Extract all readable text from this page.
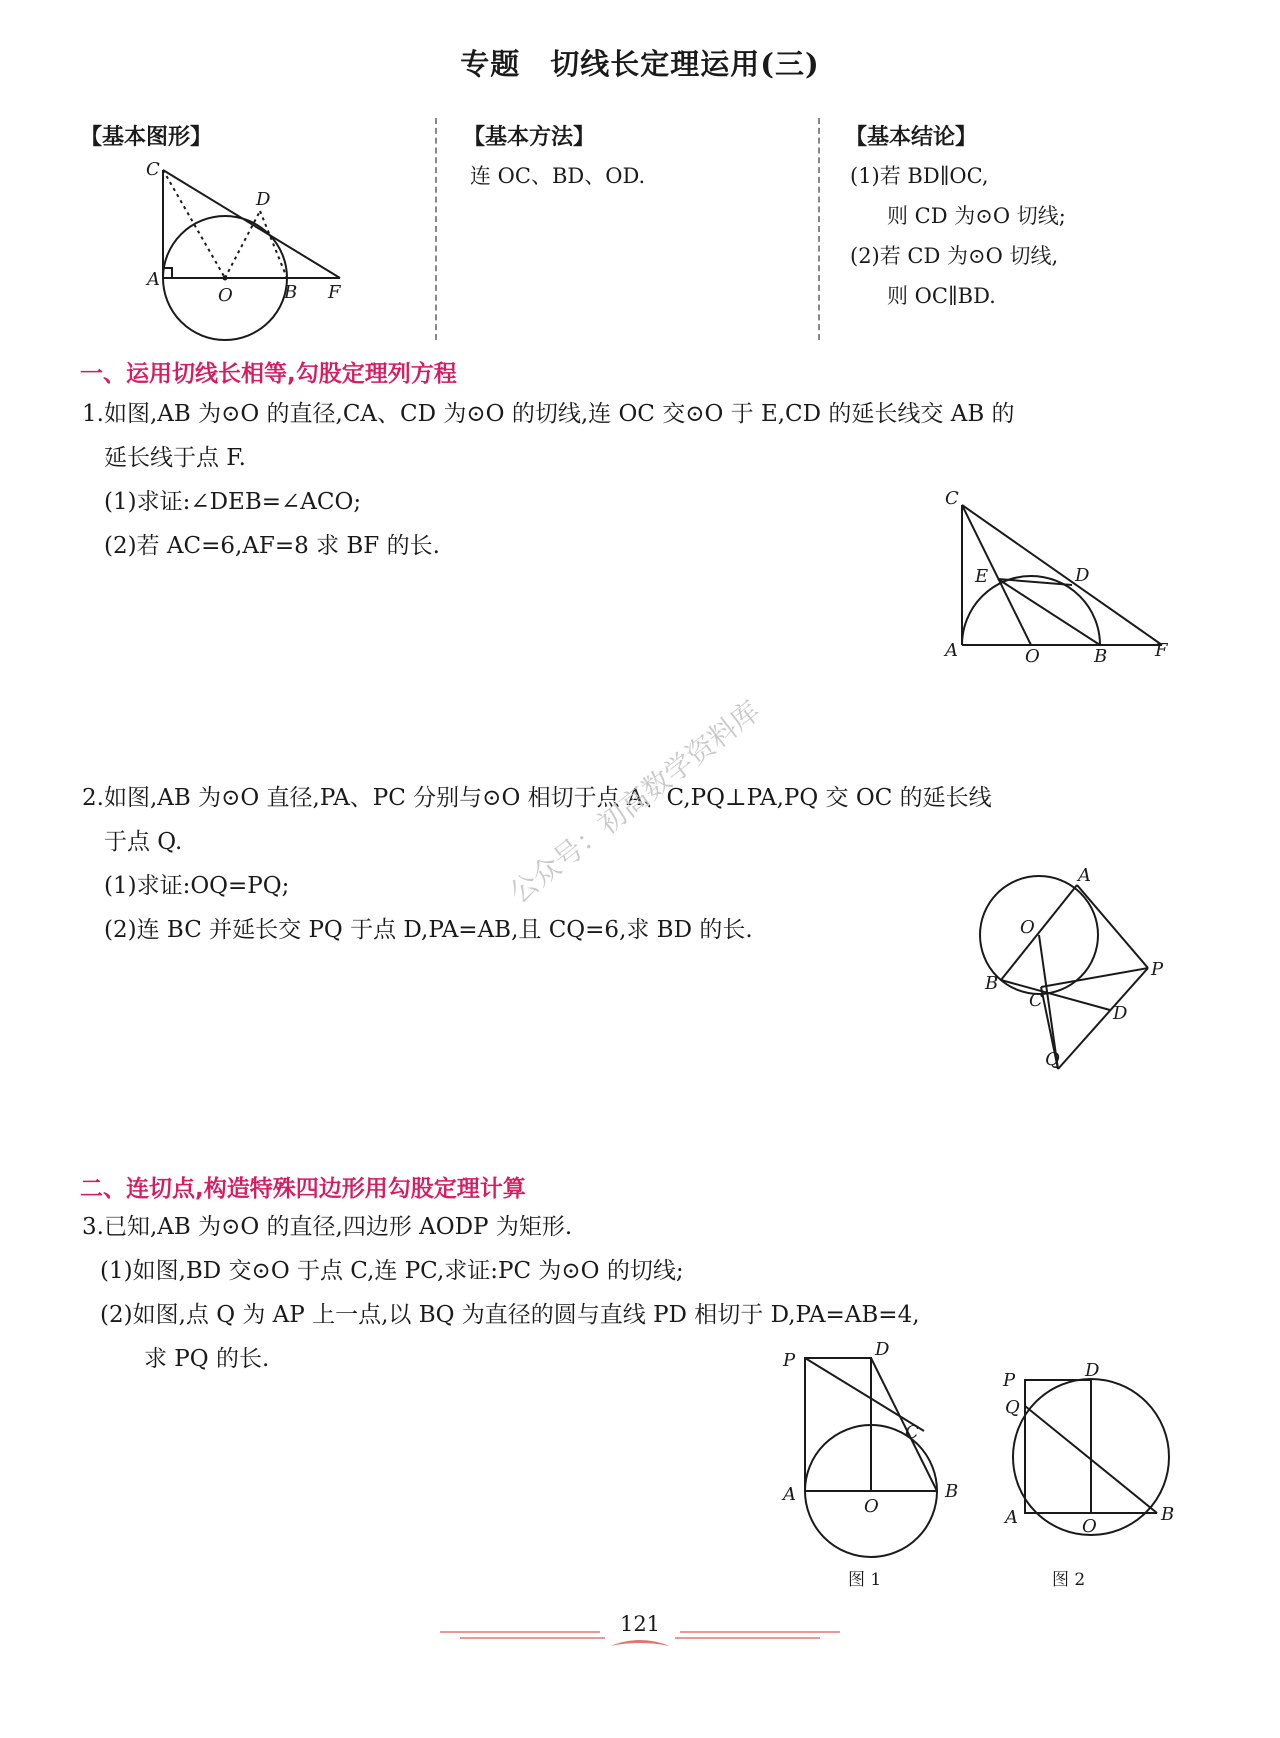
专题　切线长定理运用(三)
【基本图形】	【基本方法】
连 OC、BD、OD.
【基本结论】
(1)若 BD∥OC,
则 CD 为⊙O 切线;
(2)若 CD 为⊙O 切线,
则 OC∥BD.
C
D
A
O	B F
一、运用切线长相等,勾股定理列方程

1.如图,AB 为⊙O 的直径,CA、CD 为⊙O 的切线,连 OC 交⊙O 于 E,CD 的延长线交 AB 的

延长线于点 F.

(1)求证:∠DEB=∠ACO;

(2)若 AC=6,AF=8 求 BF 的长.

C
E	D
A	O	B	F

2.如图,AB 为⊙O 直径,PA、PC 分别与⊙O 相切于点 A、C,PQ⊥PA,PQ 交 OC 的延长线

于点 Q.

(1)求证:OQ=PQ;

(2)连 BC 并延长交 PQ 于点 D,PA=AB,且 CQ=6,求 BD 的长.

A
O
P
B
C
D
Q
公众号：初高数学资料库
二、连切点,构造特殊四边形用勾股定理计算

3.已知,AB 为⊙O 的直径,四边形 AODP 为矩形.

(1)如图,BD 交⊙O 于点 C,连 PC,求证:PC 为⊙O 的切线;

(2)如图,点 Q 为 AP 上一点,以 BQ 为直径的圆与直线 PD 相切于 D,PA=AB=4,

求 PQ 的长.	P
D
C
A
O
B
图 1
P	D
Q
A	O
B
图 2
121
